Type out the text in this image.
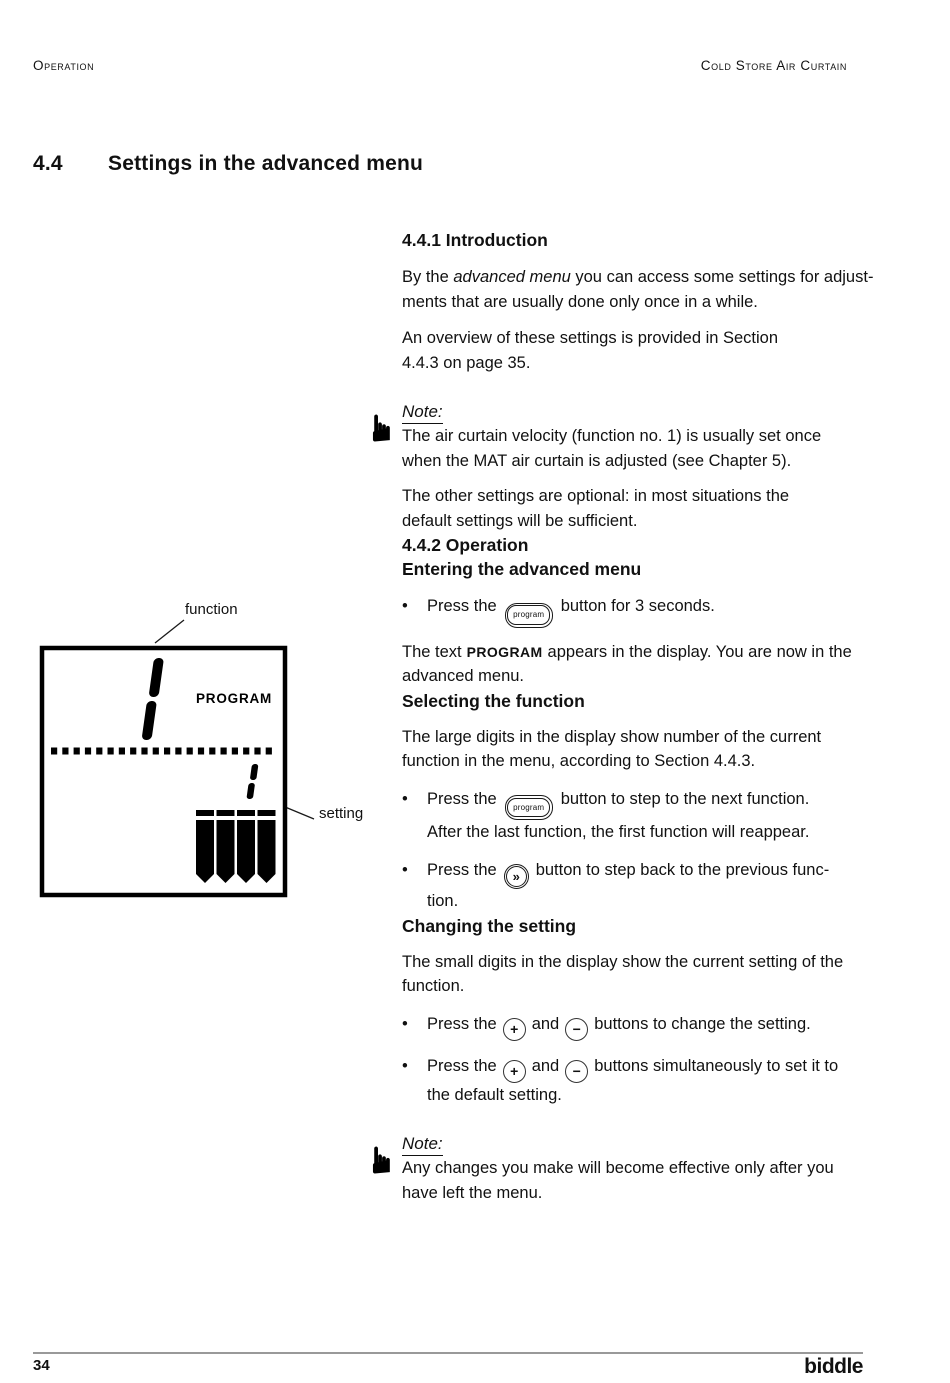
Operation	Cold Store Air Curtain
4.4	Settings in the advanced menu
function
setting
PROGRAM
4.4.1 Introduction
By the advanced menu you can access some settings for adjust-
ments that are usually done only once in a while.
An overview of these settings is provided in Section
4.4.3 on page 35.
☛ Note:
The air curtain velocity (function no. 1) is usually set once
when the MAT air curtain is adjusted (see Chapter 5).
The other settings are optional: in most situations the
default settings will be sufficient.
4.4.2 Operation
Entering the advanced menu
• Press the program button for 3 seconds.
The text PROGRAM appears in the display. You are now in the
advanced menu.
Selecting the function
The large digits in the display show number of the current
function in the menu, according to Section 4.4.3.
• Press the program button to step to the next function.
After the last function, the first function will reappear.
• Press the » button to step back to the previous func-
tion.
Changing the setting
The small digits in the display show the current setting of the
function.
• Press the + and − buttons to change the setting.
• Press the + and − buttons simultaneously to set it to
the default setting.
☛ Note:
Any changes you make will become effective only after you
have left the menu.
34	biddle
